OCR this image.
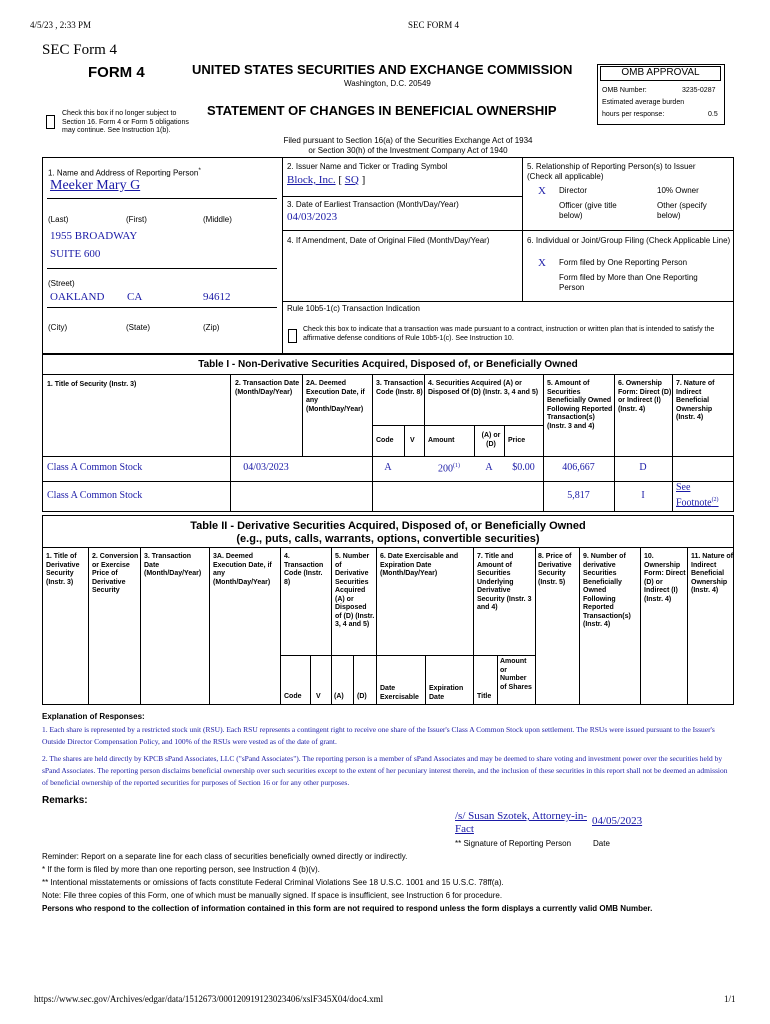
4/5/23 , 2:33 PM	SEC FORM 4
https://www.sec.gov/Archives/edgar/data/1512673/000120919123023406/xslF345X04/doc4.xml	1/1
SEC Form 4
FORM 4	UNITED STATES SECURITIES AND EXCHANGE COMMISSION
Washington, D.C. 20549
STATEMENT OF CHANGES IN BENEFICIAL OWNERSHIP
Filed pursuant to Section 16(a) of the Securities Exchange Act of 1934
or Section 30(h) of the Investment Company Act of 1940
Check this box if no longer subject to Section 16. Form 4 or Form 5 obligations may continue. See Instruction 1(b).
OMB APPROVAL
OMB Number:	3235-0287
Estimated average burden
hours per response:	0.5
1. Name and Address of Reporting Person*
Meeker Mary G
(Last)	(First)	(Middle)
1955 BROADWAY
SUITE 600
(Street)
OAKLAND CA	94612
(City)	(State)	(Zip)
2. Issuer Name and Ticker or Trading Symbol
Block, Inc. [ SQ ]
3. Date of Earliest Transaction (Month/Day/Year)
04/03/2023
4. If Amendment, Date of Original Filed (Month/Day/Year)
Rule 10b5-1(c) Transaction Indication
Check this box to indicate that a transaction was made pursuant to a contract, instruction or written plan that is intended to satisfy the affirmative defense conditions of Rule 10b5-1(c). See Instruction 10.
5. Relationship of Reporting Person(s) to Issuer
(Check all applicable)
X Director	10% Owner
Officer (give title below)
Other (specify below)
6. Individual or Joint/Group Filing (Check Applicable Line)
X Form filed by One Reporting Person
Form filed by More than One Reporting Person
Table I - Non-Derivative Securities Acquired, Disposed of, or Beneficially Owned
1. Title of Security (Instr. 3)	2. Transaction Date (Month/Day/Year)
2A. Deemed Execution Date, if any (Month/Day/Year)
3. Transaction Code (Instr. 8)
4. Securities Acquired (A) or Disposed Of (D) (Instr. 3, 4 and 5)
5. Amount of Securities Beneficially Owned Following Reported Transaction(s) (Instr. 3 and 4)
6. Ownership Form: Direct (D) or Indirect (I) (Instr. 4)
7. Nature of Indirect Beneficial Ownership (Instr. 4)
Code V Amount
(A) or (D)	Price
Class A Common Stock	04/03/2023	A	200$^{(1)}$	A	$0.00	406,667	D
Class A Common Stock	5,817	I
See Footnote$^{(2)}$
Table II - Derivative Securities Acquired, Disposed of, or Beneficially Owned
(e.g., puts, calls, warrants, options, convertible securities)
1. Title of Derivative Security (Instr. 3)
2. Conversion or Exercise Price of Derivative Security
3. Transaction Date (Month/Day/Year)
3A. Deemed Execution Date, if any (Month/Day/Year)
4. Transaction Code (Instr. 8)
5. Number of Derivative Securities Acquired (A) or Disposed of (D) (Instr. 3, 4 and 5)
6. Date Exercisable and Expiration Date (Month/Day/Year)
7. Title and Amount of Securities Underlying Derivative Security (Instr. 3 and 4)
8. Price of Derivative Security (Instr. 5)
9. Number of derivative Securities Beneficially Owned Following Reported Transaction(s) (Instr. 4)
10. Ownership Form: Direct (D) or Indirect (I) (Instr. 4)
11. Nature of Indirect Beneficial Ownership (Instr. 4)
Code V (A) (D)
Date Exercisable
Expiration Date	Title
Amount or Number of Shares
Explanation of Responses:
1. Each share is represented by a restricted stock unit (RSU). Each RSU represents a contingent right to receive one share of the Issuer's Class A Common Stock upon settlement. The RSUs were issued pursuant to the Issuer's Outside Director Compensation Policy, and 100% of the RSUs were vested as of the date of grant.
2. The shares are held directly by KPCB sPand Associates, LLC ("sPand Associates"). The reporting person is a member of sPand Associates and may be deemed to share voting and investment power over the securities held by sPand Associates. The reporting person disclaims beneficial ownership over such securities except to the extent of her pecuniary interest therein, and the inclusion of these securities in this report shall not be deemed an admission of beneficial ownership of the reported securities for purposes of Section 16 or for any other purposes.
Remarks:
/s/ Susan Szotek, Attorney-in-Fact
04/05/2023
** Signature of Reporting Person	Date
Reminder: Report on a separate line for each class of securities beneficially owned directly or indirectly.
* If the form is filed by more than one reporting person, see Instruction 4 (b)(v).
** Intentional misstatements or omissions of facts constitute Federal Criminal Violations See 18 U.S.C. 1001 and 15 U.S.C. 78ff(a).
Note: File three copies of this Form, one of which must be manually signed. If space is insufficient, see Instruction 6 for procedure.
Persons who respond to the collection of information contained in this form are not required to respond unless the form displays a currently valid OMB Number.
